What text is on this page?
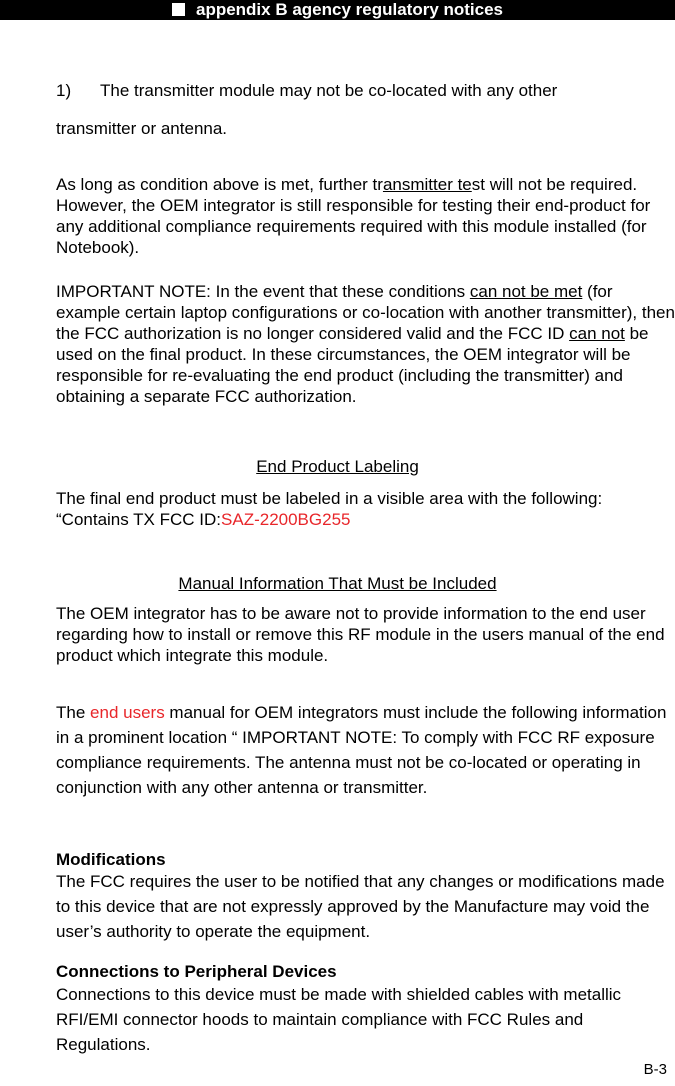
appendix B agency regulatory notices

1) The transmitter module may not be co-located with any other

transmitter or antenna.

As long as condition above is met, further transmitter test will not be required. However, the OEM integrator is still responsible for testing their end-product for any additional compliance requirements required with this module installed (for Notebook).

IMPORTANT NOTE: In the event that these conditions can not be met (for example certain laptop configurations or co-location with another transmitter), then the FCC authorization is no longer considered valid and the FCC ID can not be used on the final product. In these circumstances, the OEM integrator will be responsible for re-evaluating the end product (including the transmitter) and obtaining a separate FCC authorization.

End Product Labeling

The final end product must be labeled in a visible area with the following:

“Contains TX FCC ID:SAZ-2200BG255

Manual Information That Must be Included

The OEM integrator has to be aware not to provide information to the end user regarding how to install or remove this RF module in the users manual of the end product which integrate this module.

The end users manual for OEM integrators must include the following information in a prominent location “ IMPORTANT NOTE: To comply with FCC RF exposure compliance requirements. The antenna must not be co-located or operating in conjunction with any other antenna or transmitter.

Modifications

The FCC requires the user to be notified that any changes or modifications made to this device that are not expressly approved by the Manufacture may void the user’s authority to operate the equipment.

Connections to Peripheral Devices

Connections to this device must be made with shielded cables with metallic RFI/EMI connector hoods to maintain compliance with FCC Rules and Regulations.

B-3
